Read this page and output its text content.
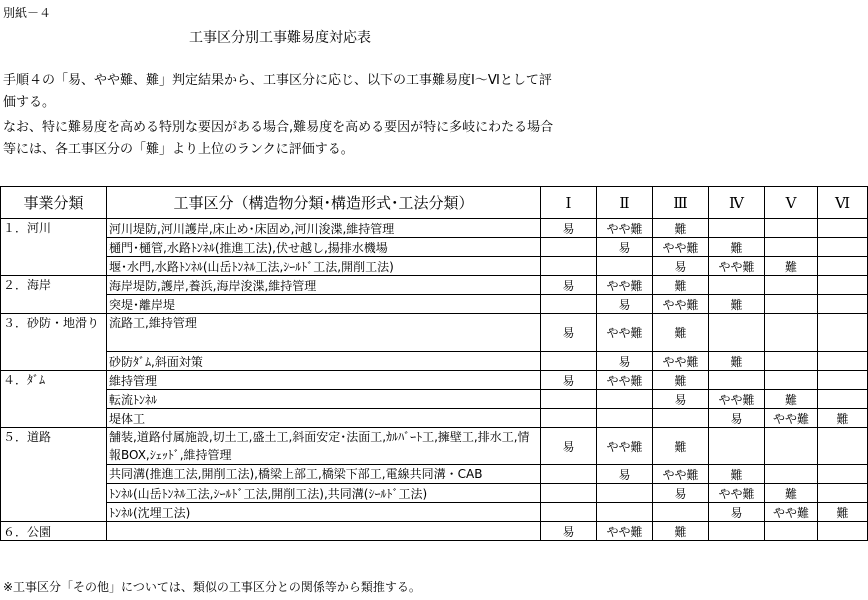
別紙－４
工事区分別工事難易度対応表
手順４の「易、やや難、難」判定結果から、工事区分に応じ、以下の工事難易度Ⅰ～Ⅵとして評価する。
なお、特に難易度を高める特別な要因がある場合,難易度を高める要因が特に多岐にわたる場合等には、各工事区分の「難」より上位のランクに評価する。
事業分類	工事区分（構造物分類･構造形式･工法分類）	Ⅰ	Ⅱ	Ⅲ	Ⅳ	Ⅴ	Ⅵ
１．河川	河川堤防,河川護岸,床止め･床固め,河川浚渫,維持管理	易	やや難	難			
	樋門･樋管,水路ﾄﾝﾈﾙ(推進工法),伏せ越し,揚排水機場		易	やや難	難		
	堰･水門,水路ﾄﾝﾈﾙ(山岳ﾄﾝﾈﾙ工法,ｼｰﾙﾄﾞ工法,開削工法)			易	やや難	難	
２．海岸	海岸堤防,護岸,養浜,海岸浚渫,維持管理	易	やや難	難			
	突堤･離岸堤		易	やや難	難		
３．砂防・地滑り	流路工,維持管理	易	やや難	難			
	砂防ﾀﾞﾑ,斜面対策		易	やや難	難		
４．ﾀﾞﾑ	維持管理	易	やや難	難			
	転流ﾄﾝﾈﾙ			易	やや難	難	
	堤体工				易	やや難	難
５．道路	舗装,道路付属施設,切土工,盛土工,斜面安定･法面工,ｶﾙﾊﾞｰﾄ工,擁壁工,排水工,情報BOX,ｼｪｯﾄﾞ,維持管理	易	やや難	難			
	共同溝(推進工法,開削工法),橋梁上部工,橋梁下部工,電線共同溝・CAB		易	やや難	難		
	ﾄﾝﾈﾙ(山岳ﾄﾝﾈﾙ工法,ｼｰﾙﾄﾞ工法,開削工法),共同溝(ｼｰﾙﾄﾞ工法)			易	やや難	難	
	ﾄﾝﾈﾙ(沈埋工法)				易	やや難	難
６．公園		易	やや難	難			
※工事区分「その他」については、類似の工事区分との関係等から類推する。
